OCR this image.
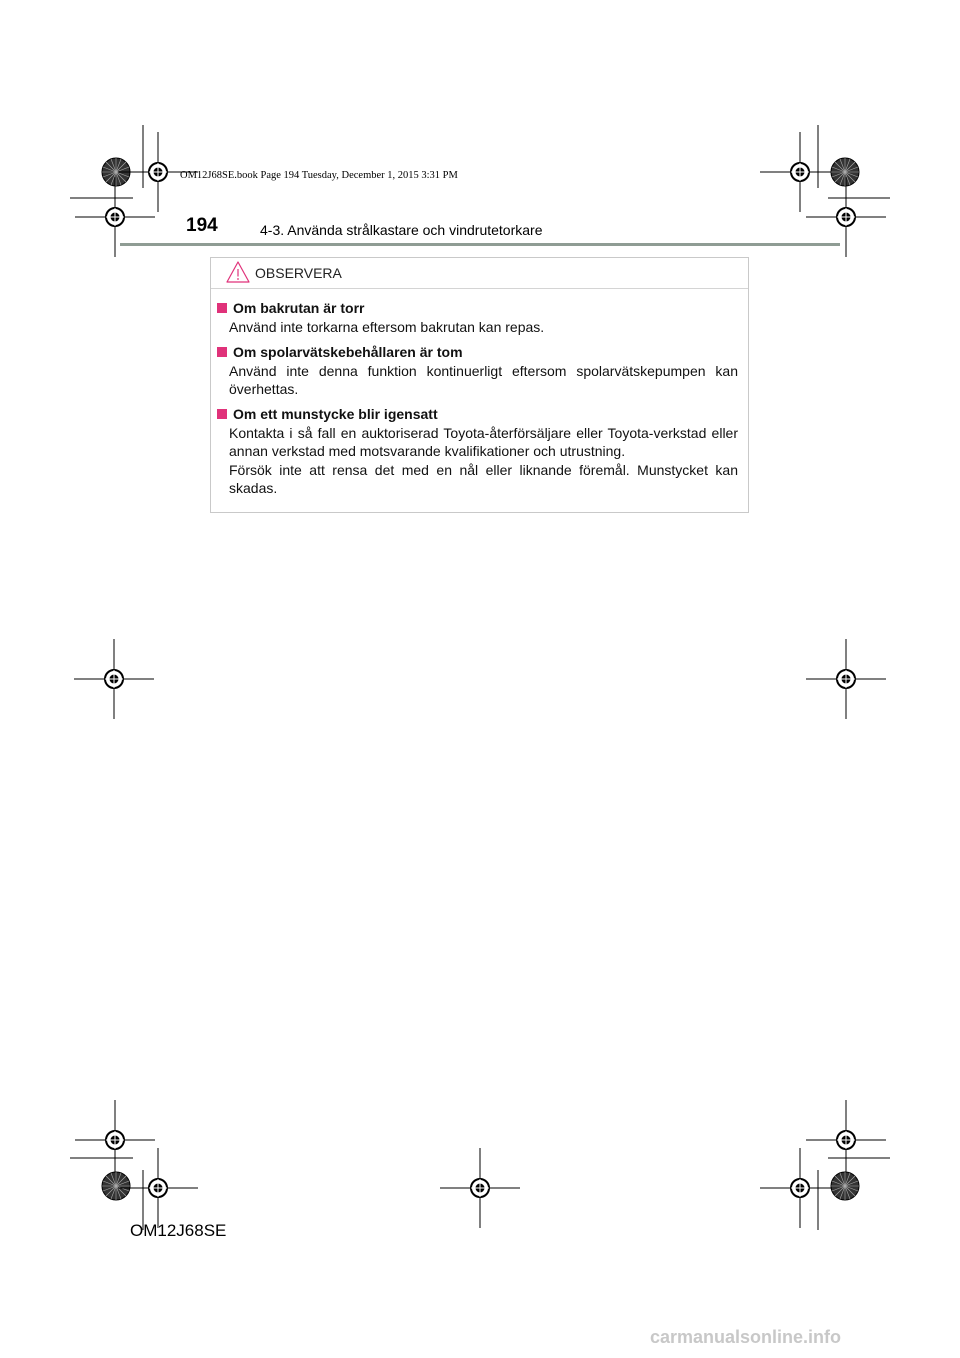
OM12J68SE.book Page 194 Tuesday, December 1, 2015 3:31 PM
194	4-3. Använda strålkastare och vindrutetorkare
OBSERVERA
Om bakrutan är torr

Använd inte torkarna eftersom bakrutan kan repas.

Om spolarvätskebehållaren är tom

Använd inte denna funktion kontinuerligt eftersom spolarvätskepumpen kan överhettas.

Om ett munstycke blir igensatt

Kontakta i så fall en auktoriserad Toyota-återförsäljare eller Toyota-verkstad eller annan verkstad med motsvarande kvalifikationer och utrustning.

Försök inte att rensa det med en nål eller liknande föremål. Munstycket kan skadas.

OM12J68SE
carmanualsonline.info
